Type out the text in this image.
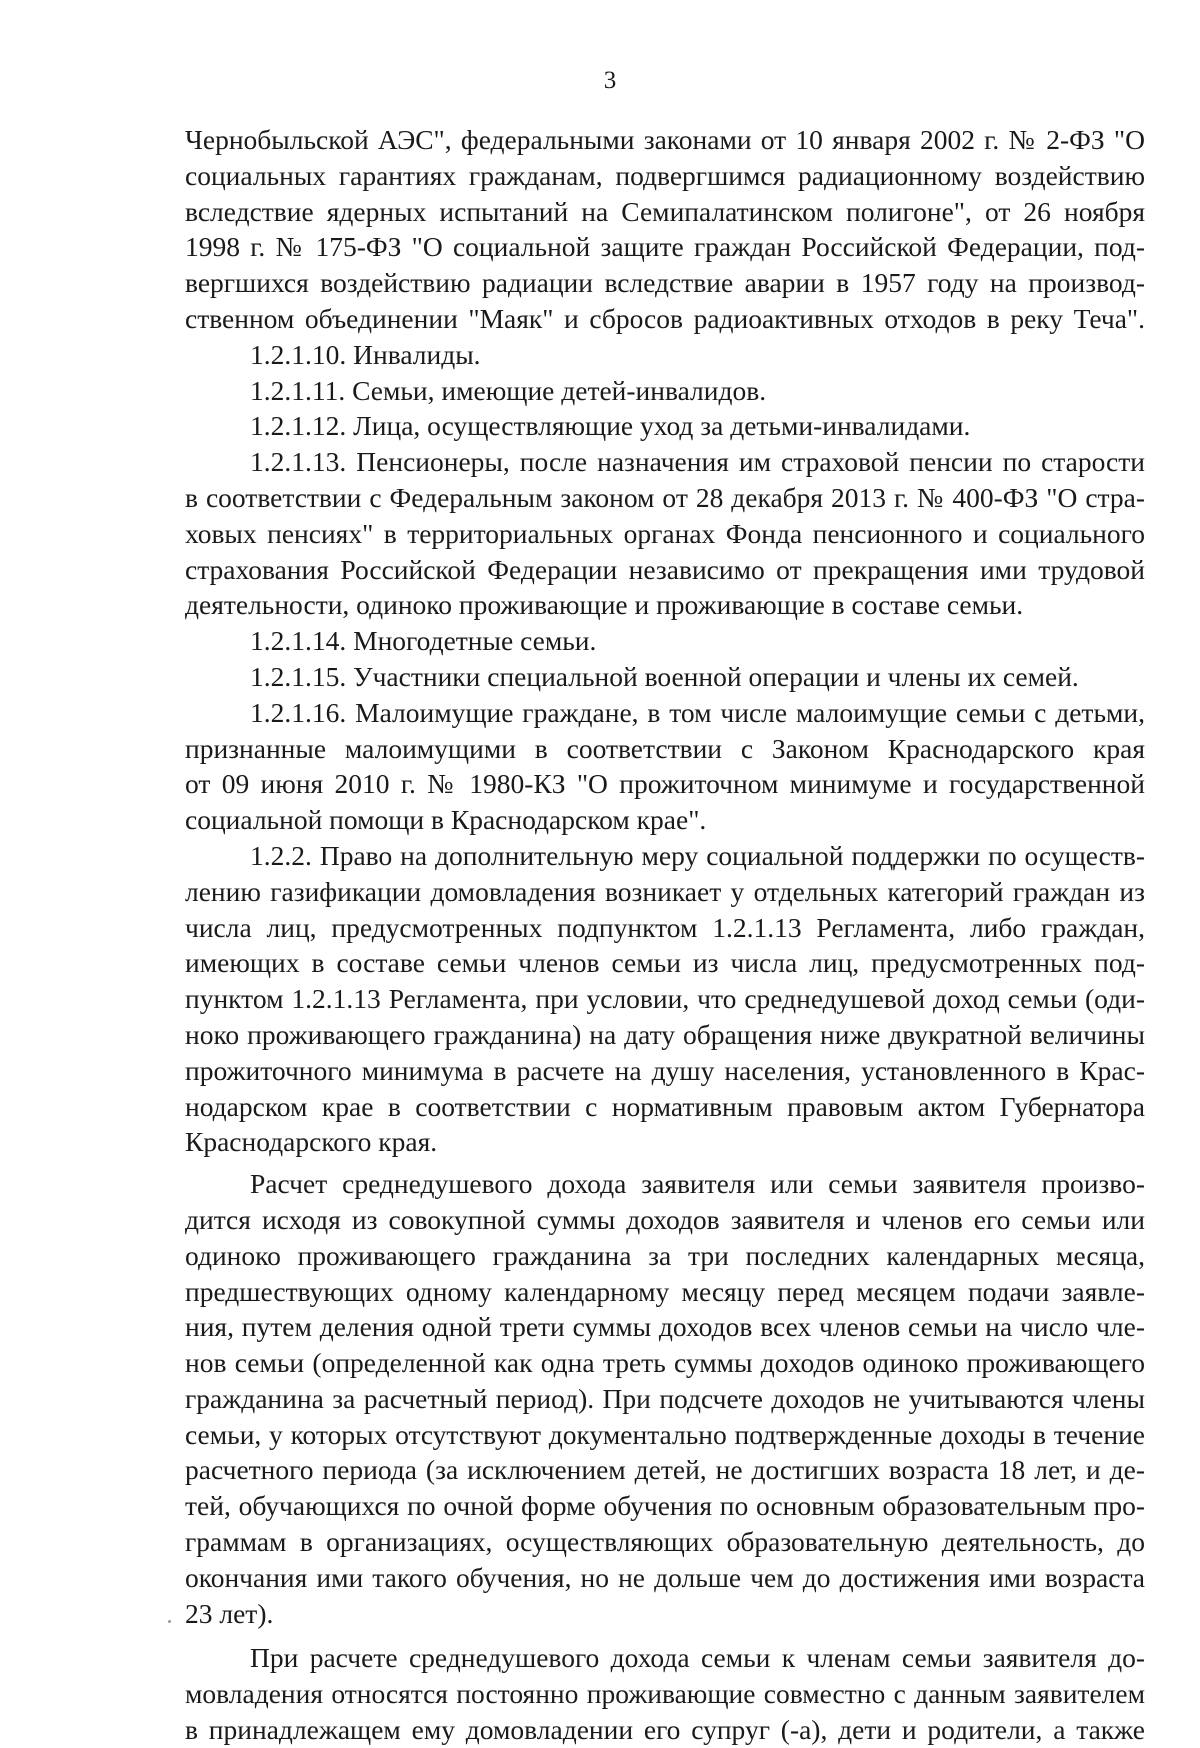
3
Чернобыльской АЭС", федеральными законами от 10 января 2002 г. № 2-ФЗ "О
социальных гарантиях гражданам, подвергшимся радиационному воздействию
вследствие ядерных испытаний на Семипалатинском полигоне", от 26 ноября
1998 г. № 175-ФЗ "О социальной защите граждан Российской Федерации, под-
вергшихся воздействию радиации вследствие аварии в 1957 году на производ-
ственном объединении "Маяк" и сбросов радиоактивных отходов в реку Теча".
1.2.1.10. Инвалиды.
1.2.1.11. Семьи, имеющие детей-инвалидов.
1.2.1.12. Лица, осуществляющие уход за детьми-инвалидами.
1.2.1.13. Пенсионеры, после назначения им страховой пенсии по старости
в соответствии с Федеральным законом от 28 декабря 2013 г. № 400-ФЗ "О стра-
ховых пенсиях" в территориальных органах Фонда пенсионного и социального
страхования Российской Федерации независимо от прекращения ими трудовой
деятельности, одиноко проживающие и проживающие в составе семьи.
1.2.1.14. Многодетные семьи.
1.2.1.15. Участники специальной военной операции и члены их семей.
1.2.1.16. Малоимущие граждане, в том числе малоимущие семьи с детьми,
признанные малоимущими в соответствии с Законом Краснодарского края
от 09 июня 2010 г. № 1980-КЗ "О прожиточном минимуме и государственной
социальной помощи в Краснодарском крае".
1.2.2. Право на дополнительную меру социальной поддержки по осуществ-
лению газификации домовладения возникает у отдельных категорий граждан из
числа лиц, предусмотренных подпунктом 1.2.1.13 Регламента, либо граждан,
имеющих в составе семьи членов семьи из числа лиц, предусмотренных под-
пунктом 1.2.1.13 Регламента, при условии, что среднедушевой доход семьи (оди-
ноко проживающего гражданина) на дату обращения ниже двукратной величины
прожиточного минимума в расчете на душу населения, установленного в Крас-
нодарском крае в соответствии с нормативным правовым актом Губернатора
Краснодарского края.
Расчет среднедушевого дохода заявителя или семьи заявителя произво-
дится исходя из совокупной суммы доходов заявителя и членов его семьи или
одиноко проживающего гражданина за три последних календарных месяца,
предшествующих одному календарному месяцу перед месяцем подачи заявле-
ния, путем деления одной трети суммы доходов всех членов семьи на число чле-
нов семьи (определенной как одна треть суммы доходов одиноко проживающего
гражданина за расчетный период). При подсчете доходов не учитываются члены
семьи, у которых отсутствуют документально подтвержденные доходы в течение
расчетного периода (за исключением детей, не достигших возраста 18 лет, и де-
тей, обучающихся по очной форме обучения по основным образовательным про-
граммам в организациях, осуществляющих образовательную деятельность, до
окончания ими такого обучения, но не дольше чем до достижения ими возраста
23 лет).
При расчете среднедушевого дохода семьи к членам семьи заявителя до-
мовладения относятся постоянно проживающие совместно с данным заявителем
в принадлежащем ему домовладении его супруг (-а), дети и родители, а также
